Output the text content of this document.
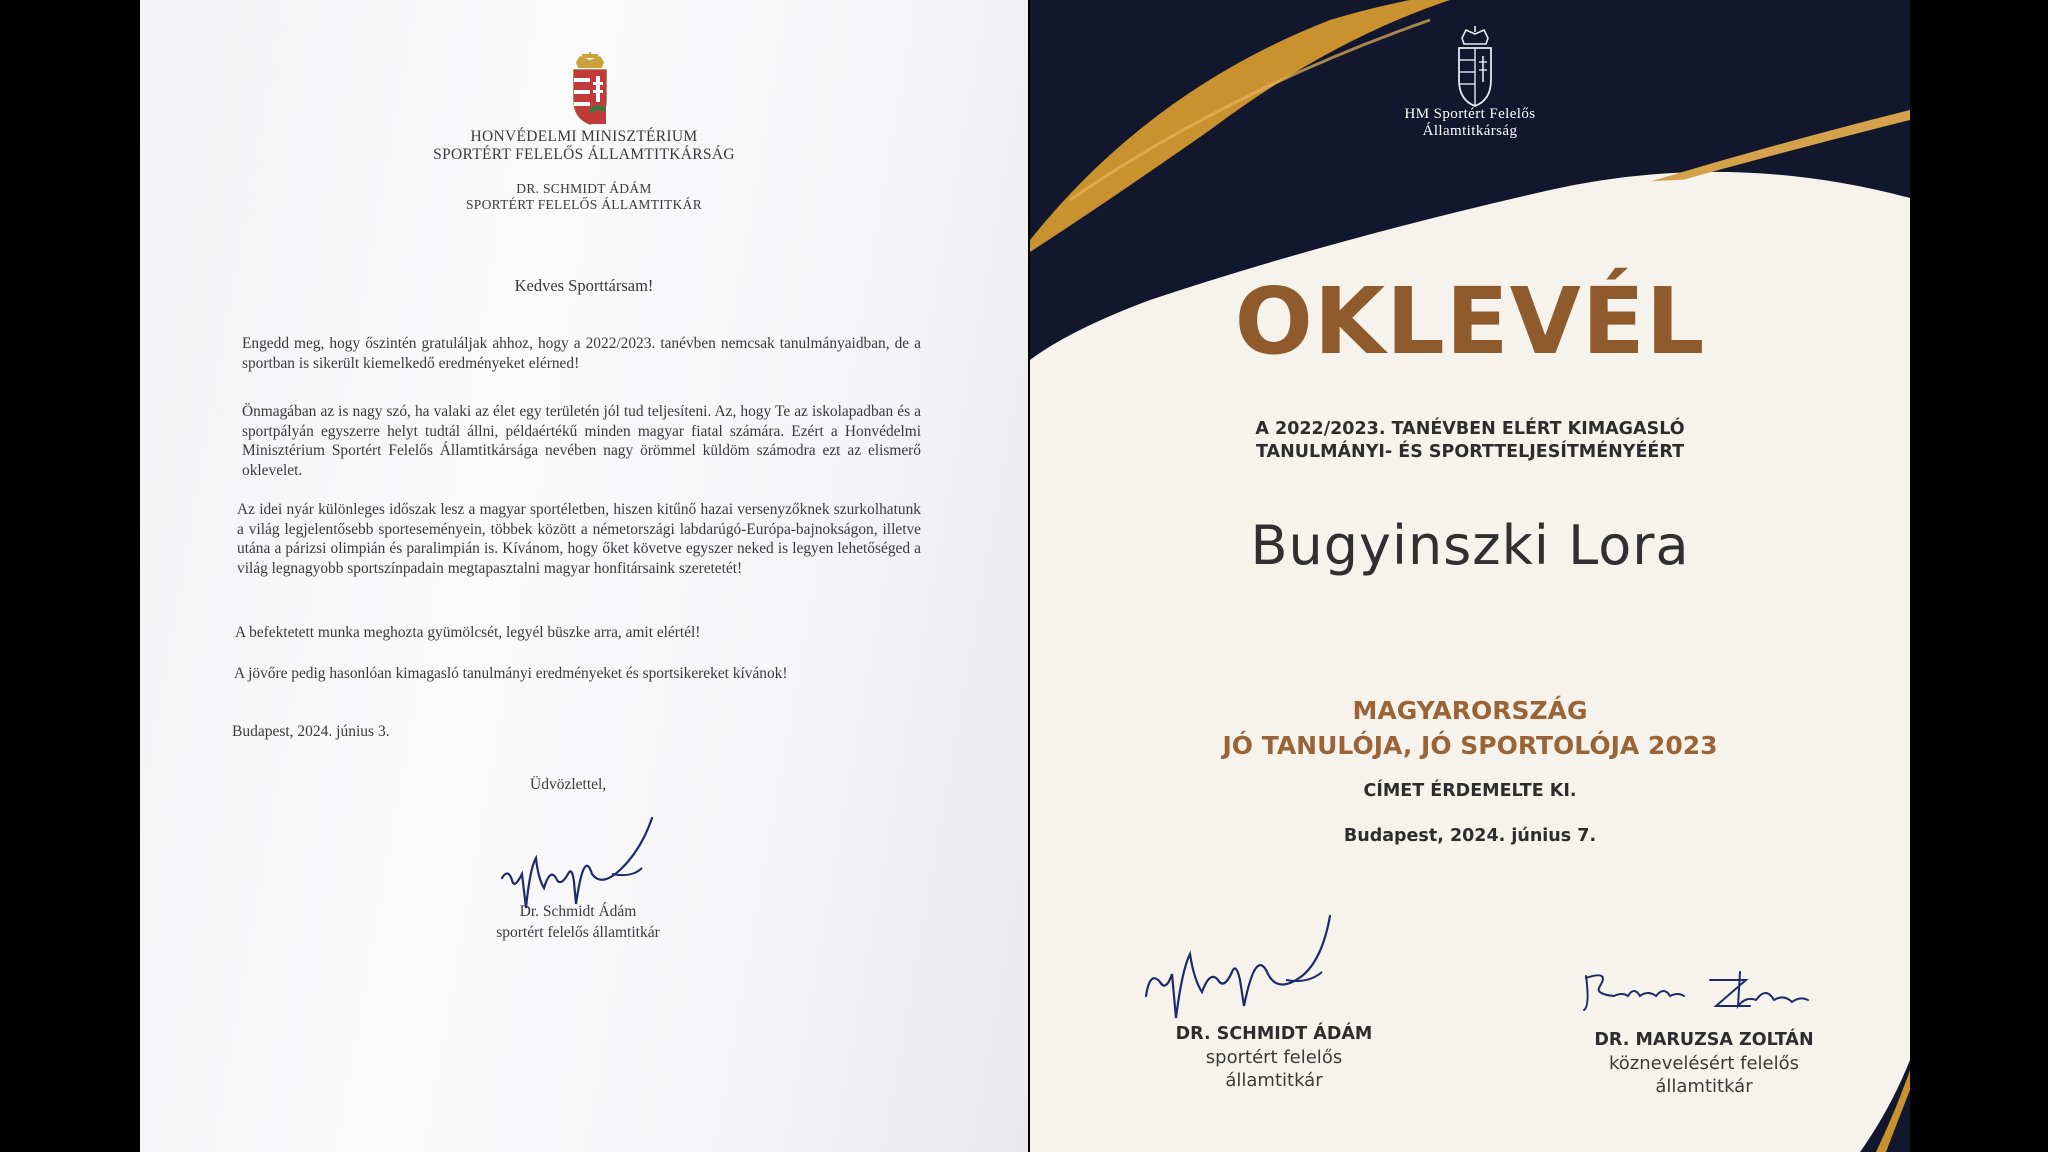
HONVÉDELMI MINISZTÉRIUM
SPORTÉRT FELELŐS ÁLLAMTITKÁRSÁG
DR. SCHMIDT ÁDÁM
SPORTÉRT FELELŐS ÁLLAMTITKÁR
Kedves Sporttársam!
Engedd meg, hogy őszintén gratuláljak ahhoz, hogy a 2022/2023. tanévben nemcsak tanulmányaidban, de a sportban is sikerült kiemelkedő eredményeket elérned!
Önmagában az is nagy szó, ha valaki az élet egy területén jól tud teljesíteni. Az, hogy Te az iskolapadban és a sportpályán egyszerre helyt tudtál állni, példaértékű minden magyar fiatal számára. Ezért a Honvédelmi Minisztérium Sportért Felelős Államtitkársága nevében nagy örömmel küldöm számodra ezt az elismerő oklevelet.
Az idei nyár különleges időszak lesz a magyar sportéletben, hiszen kitűnő hazai versenyzőknek szurkolhatunk a világ legjelentősebb sporteseményein, többek között a németországi labdarúgó-Európa-bajnokságon, illetve utána a párizsi olimpián és paralimpián is. Kívánom, hogy őket követve egyszer neked is legyen lehetőséged a világ legnagyobb sportszínpadain megtapasztalni magyar honfitársaink szeretetét!
A befektetett munka meghozta gyümölcsét, legyél büszke arra, amit elértél!
A jövőre pedig hasonlóan kimagasló tanulmányi eredményeket és sportsikereket kívánok!
Budapest, 2024. június 3.
Üdvözlettel,
Dr. Schmidt Ádám
sportért felelős államtitkár
HM Sportért Felelős
Államtitkárság
OKLEVÉL
A 2022/2023. TANÉVBEN ELÉRT KIMAGASLÓ
TANULMÁNYI- ÉS SPORTTELJESÍTMÉNYÉÉRT
Bugyinszki Lora
MAGYARORSZÁG
JÓ TANULÓJA, JÓ SPORTOLÓJA 2023
CÍMET ÉRDEMELTE KI.
Budapest, 2024. június 7.
DR. SCHMIDT ÁDÁM
sportért felelős
államtitkár
DR. MARUZSA ZOLTÁN
köznevelésért felelős
államtitkár
